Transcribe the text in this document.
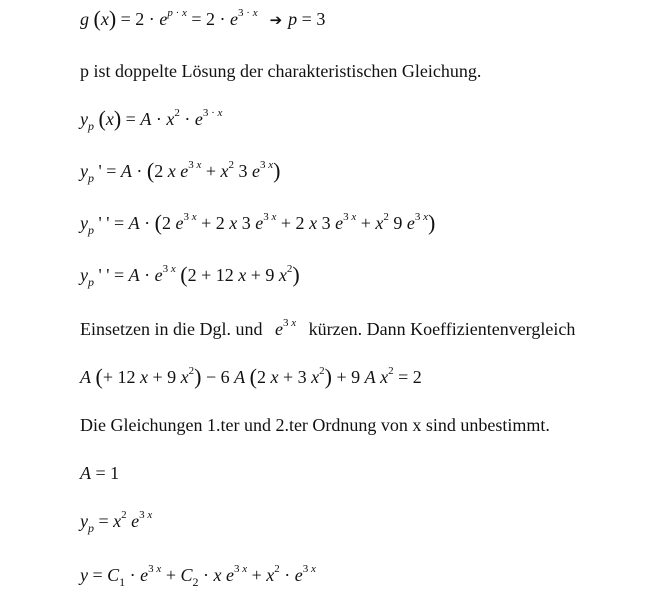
g $(x) = 2 \cdot e^{p \cdot x} = 2 \cdot e^{3 \cdot x}$ ➔ p = 3
p ist doppelte Lösung der charakteristischen Gleichung.
$y_p$ $(x) = A \cdot x^2 \cdot e^{3 \cdot x}$
$y_p$ ' = A · (2 x $e^{3 x} + x^2$ 3 $e^{3 x}$)
$y_p$ ' ' = A · (2 $e^{3 x} + 2$ x 3 $e^{3 x} + 2$ x 3 $e^{3 x} + x^2$ 9 $e^{3 x}$)
$y_p$ ' ' = $A \cdot e^{3 x}$ (2 + 12 x + 9 $x^2$)
Einsetzen in die Dgl. und $e^{3 x}$ kürzen. Dann Koeffizientenvergleich
A (+ 12 x + 9 $x^2) - 6$ A (2 x + 3 $x^2) + 9$ A $x^2 = 2$
Die Gleichungen 1.ter und 2.ter Ordnung von x sind unbestimmt.
A = 1
$y_p = x^2$ $e^{3 x}$
$y = C_1 \cdot e^{3 x} + C_2 \cdot x$ $e^{3 x} + x^2 \cdot e^{3 x}$
